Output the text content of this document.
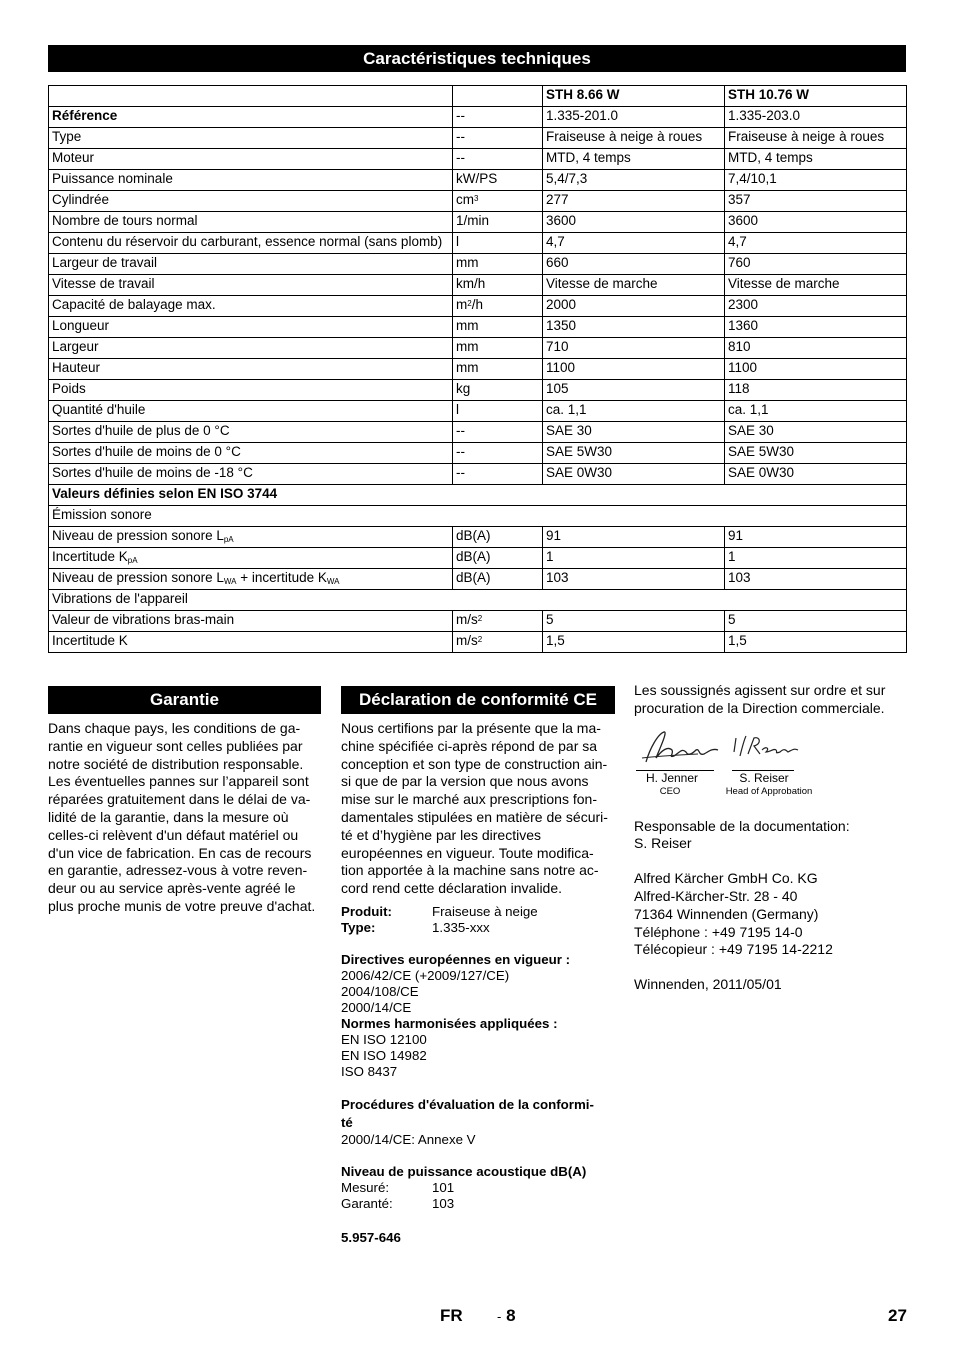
Caractéristiques techniques
		STH 8.66 W	STH 10.76 W
Référence	--	1.335-201.0	1.335-203.0
Type	--	Fraiseuse à neige à roues	Fraiseuse à neige à roues
Moteur	--	MTD, 4 temps	MTD, 4 temps
Puissance nominale	kW/PS	5,4/7,3	7,4/10,1
Cylindrée	$cm^3$	277	357
Nombre de tours normal	1/min	3600	3600
Contenu du réservoir du carburant, essence normal (sans plomb)	l	4,7	4,7
Largeur de travail	mm	660	760
Vitesse de travail	km/h	Vitesse de marche	Vitesse de marche
Capacité de balayage max.	$m^2/h$	2000	2300
Longueur	mm	1350	1360
Largeur	mm	710	810
Hauteur	mm	1100	1100
Poids	kg	105	118
Quantité d'huile	l	ca. 1,1	ca. 1,1
Sortes d'huile de plus de 0 °C	--	SAE 30	SAE 30
Sortes d'huile de moins de 0 °C	--	SAE 5W30	SAE 5W30
Sortes d'huile de moins de -18 °C	--	SAE 0W30	SAE 0W30
Valeurs définies selon EN ISO 3744			
Émission sonore			
Niveau de pression sonore $L_{pA}$	dB(A)	91	91
Incertitude $K_{pA}$	dB(A)	1	1
Niveau de pression sonore $L_{WA}$ + incertitude $K_{WA}$	dB(A)	103	103
Vibrations de l'appareil			
Valeur de vibrations bras-main	$m/s^2$	5	5
Incertitude K	$m/s^2$	1,5	1,5
Garantie
Dans chaque pays, les conditions de ga-
rantie en vigueur sont celles publiées par
notre société de distribution responsable.
Les éventuelles pannes sur l’appareil sont
réparées gratuitement dans le délai de va-
lidité de la garantie, dans la mesure où
celles-ci relèvent d'un défaut matériel ou
d'un vice de fabrication. En cas de recours
en garantie, adressez-vous à votre reven-
deur ou au service après-vente agréé le
plus proche munis de votre preuve d'achat.
Déclaration de conformité CE
Nous certifions par la présente que la ma-
chine spécifiée ci-après répond de par sa
conception et son type de construction ain-
si que de par la version que nous avons
mise sur le marché aux prescriptions fon-
damentales stipulées en matière de sécuri-
té et d’hygiène par les directives
européennes en vigueur. Toute modifica-
tion apportée à la machine sans notre ac-
cord rend cette déclaration invalide.
Produit:	Fraiseuse à neige
Type:	1.335-xxx
Directives européennes en vigueur :
2006/42/CE (+2009/127/CE)
2004/108/CE
2000/14/CE
Normes harmonisées appliquées :
EN ISO 12100
EN ISO 14982
ISO 8437
Procédures d'évaluation de la conformi-
té
2000/14/CE: Annexe V
Niveau de puissance acoustique dB(A)
Mesuré:	101
Garanté:	103
5.957-646

Les soussignés agissent sur ordre et sur

procuration de la Direction commerciale.

H. Jenner
CEO
S. Reiser
Head of Approbation

Responsable de la documentation:

S. Reiser

Alfred Kärcher GmbH Co. KG
Alfred-Kärcher-Str. 28 - 40
71364 Winnenden (Germany)
Téléphone : +49 7195 14-0
Télécopieur : +49 7195 14-2212

Winnenden, 2011/05/01

FR	- 8	27
